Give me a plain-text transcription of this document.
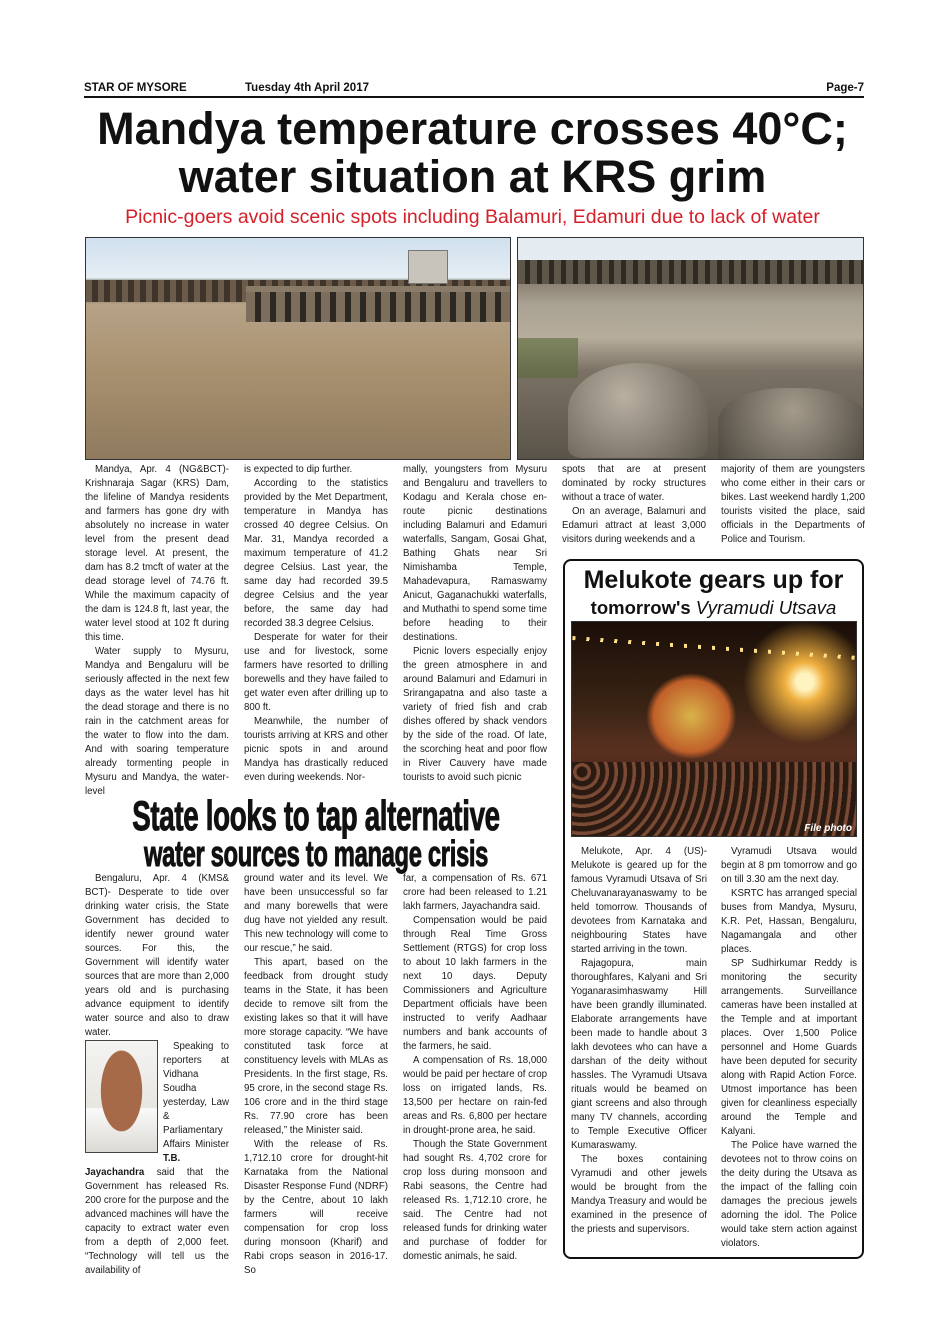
STAR OF MYSORE	Tuesday 4th April 2017	Page-7
Mandya temperature crosses 40°C;
water situation at KRS grim
Picnic-goers avoid scenic spots including Balamuri, Edamuri due to lack of water

Mandya, Apr. 4 (NG&BCT)- Krishnaraja Sagar (KRS) Dam, the lifeline of Mandya residents and farmers has gone dry with absolutely no increase in water level from the present dead storage level. At present, the dam has 8.2 tmcft of water at the dead storage level of 74.76 ft. While the maximum capacity of the dam is 124.8 ft, last year, the water level stood at 102 ft during this time.

Water supply to Mysuru, Mandya and Bengaluru will be seriously affected in the next few days as the water level has hit the dead storage and there is no rain in the catchment areas for the water to flow into the dam. And with soaring temperature already tormenting people in Mysuru and Mandya, the water-level

is expected to dip further.

According to the statistics provided by the Met Department, temperature in Mandya has crossed 40 degree Celsius. On Mar. 31, Mandya recorded a maximum temperature of 41.2 degree Celsius. Last year, the same day had recorded 39.5 degree Celsius and the year before, the same day had recorded 38.3 degree Celsius.

Desperate for water for their use and for livestock, some farmers have resorted to drilling borewells and they have failed to get water even after drilling up to 800 ft.

Meanwhile, the number of tourists arriving at KRS and other picnic spots in and around Mandya has drastically reduced even during weekends. Nor-

mally, youngsters from Mysuru and Bengaluru and travellers to Kodagu and Kerala chose en-route picnic destinations including Balamuri and Edamuri waterfalls, Sangam, Gosai Ghat, Bathing Ghats near Sri Nimishamba Temple, Mahadevapura, Ramaswamy Anicut, Gaganachukki waterfalls, and Muthathi to spend some time before heading to their destinations.

Picnic lovers especially enjoy the green atmosphere in and around Balamuri and Edamuri in Srirangapatna and also taste a variety of fried fish and crab dishes offered by shack vendors by the side of the road. Of late, the scorching heat and poor flow in River Cauvery have made tourists to avoid such picnic

spots that are at present dominated by rocky structures without a trace of water.

On an average, Balamuri and Edamuri attract at least 3,000 visitors during weekends and a

majority of them are youngsters who come either in their cars or bikes. Last weekend hardly 1,200 tourists visited the place, said officials in the Departments of Police and Tourism.

State looks to tap alternative
water sources to manage crisis

Bengaluru, Apr. 4 (KMS& BCT)- Desperate to tide over drinking water crisis, the State Government has decided to identify newer ground water sources. For this, the Government will identify water sources that are more than 2,000 years old and is purchasing advance equipment to identify water source and also to draw water.

Speaking to reporters at Vidhana Soudha yesterday, Law & Parliamentary Affairs Minister T.B. Jayachandra said that the Government has released Rs. 200 crore for the purpose and the advanced machines will have the capacity to extract water even from a depth of 2,000 feet. “Technology will tell us the availability of

ground water and its level. We have been unsuccessful so far and many borewells that were dug have not yielded any result. This new technology will come to our rescue,” he said.

This apart, based on the feedback from drought study teams in the State, it has been decide to remove silt from the existing lakes so that it will have more storage capacity. “We have constituted task force at constituency levels with MLAs as Presidents. In the first stage, Rs. 95 crore, in the second stage Rs. 106 crore and in the third stage Rs. 77.90 crore has been released,” the Minister said.

With the release of Rs. 1,712.10 crore for drought-hit Karnataka from the National Disaster Response Fund (NDRF) by the Centre, about 10 lakh farmers will receive compensation for crop loss during monsoon (Kharif) and Rabi crops season in 2016-17. So

far, a compensation of Rs. 671 crore had been released to 1.21 lakh farmers, Jayachandra said.

Compensation would be paid through Real Time Gross Settlement (RTGS) for crop loss to about 10 lakh farmers in the next 10 days. Deputy Commissioners and Agriculture Department officials have been instructed to verify Aadhaar numbers and bank accounts of the farmers, he said.

A compensation of Rs. 18,000 would be paid per hectare of crop loss on irrigated lands, Rs. 13,500 per hectare on rain-fed areas and Rs. 6,800 per hectare in drought-prone area, he said.

Though the State Government had sought Rs. 4,702 crore for crop loss during monsoon and Rabi seasons, the Centre had released Rs. 1,712.10 crore, he said. The Centre had not released funds for drinking water and purchase of fodder for domestic animals, he said.

Melukote gears up for
tomorrow's Vyramudi Utsava
File photo

Melukote, Apr. 4 (US)- Melukote is geared up for the famous Vyramudi Utsava of Sri Cheluvanarayanaswamy to be held tomorrow. Thousands of devotees from Karnataka and neighbouring States have started arriving in the town.

Rajagopura, main thoroughfares, Kalyani and Sri Yoganarasimhaswamy Hill have been grandly illuminated. Elaborate arrangements have been made to handle about 3 lakh devotees who can have a darshan of the deity without hassles. The Vyramudi Utsava rituals would be beamed on giant screens and also through many TV channels, according to Temple Executive Officer Kumaraswamy.

The boxes containing Vyramudi and other jewels would be brought from the Mandya Treasury and would be examined in the presence of the priests and supervisors.

Vyramudi Utsava would begin at 8 pm tomorrow and go on till 3.30 am the next day.

KSRTC has arranged special buses from Mandya, Mysuru, K.R. Pet, Hassan, Bengaluru, Nagamangala and other places.

SP Sudhirkumar Reddy is monitoring the security arrangements. Surveillance cameras have been installed at the Temple and at important places. Over 1,500 Police personnel and Home Guards have been deputed for security along with Rapid Action Force. Utmost importance has been given for cleanliness especially around the Temple and Kalyani.

The Police have warned the devotees not to throw coins on the deity during the Utsava as the impact of the falling coin damages the precious jewels adorning the idol. The Police would take stern action against violators.
